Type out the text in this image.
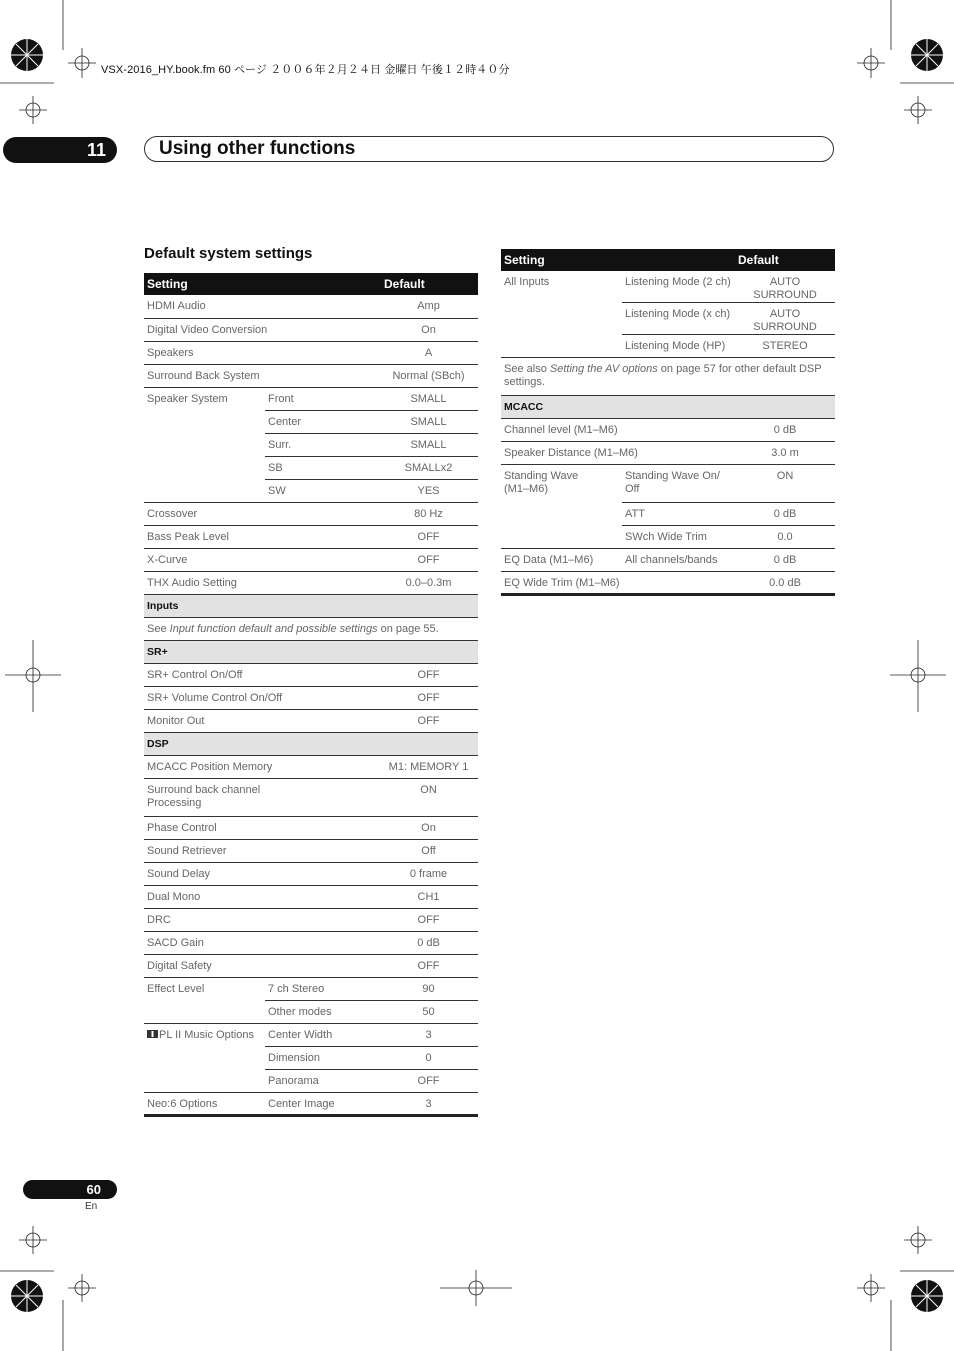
VSX-2016_HY.book.fm 60 ページ ２００６年２月２４日 金曜日 午後１２時４０分
11	Using other functions
Default system settings
Setting		Default
HDMI Audio		Amp
Digital Video Conversion		On
Speakers		A
Surround Back System		Normal (SBch)
Speaker System	Front	SMALL
	Center	SMALL
	Surr.	SMALL
	SB	SMALLx2
	SW	YES
Crossover		80 Hz
Bass Peak Level		OFF
X-Curve		OFF
THX Audio Setting		0.0–0.3m
Inputs		
See Input function default and possible settings on page 55.		
SR+		
SR+ Control On/Off		OFF
SR+ Volume Control On/Off		OFF
Monitor Out		OFF
DSP		
MCACC Position Memory		M1: MEMORY 1
Surround back channel Processing		ON
Phase Control		On
Sound Retriever		Off
Sound Delay		0 frame
Dual Mono		CH1
DRC		OFF
SACD Gain		0 dB
Digital Safety		OFF
Effect Level	7 ch Stereo	90
	Other modes	50
PL II Music Options	Center Width	3
	Dimension	0
	Panorama	OFF
Neo:6 Options	Center Image	3
Setting		Default
All Inputs	Listening Mode (2 ch)	AUTO SURROUND
	Listening Mode (x ch)	AUTO SURROUND
	Listening Mode (HP)	STEREO
See also Setting the AV options on page 57 for other default DSP settings.		
MCACC		
Channel level (M1–M6)		0 dB
Speaker Distance (M1–M6)		3.0 m
Standing Wave (M1–M6)	Standing Wave On/ Off	ON
	ATT	0 dB
	SWch Wide Trim	0.0
EQ Data (M1–M6)	All channels/bands	0 dB
EQ Wide Trim (M1–M6)		0.0 dB
60
En
